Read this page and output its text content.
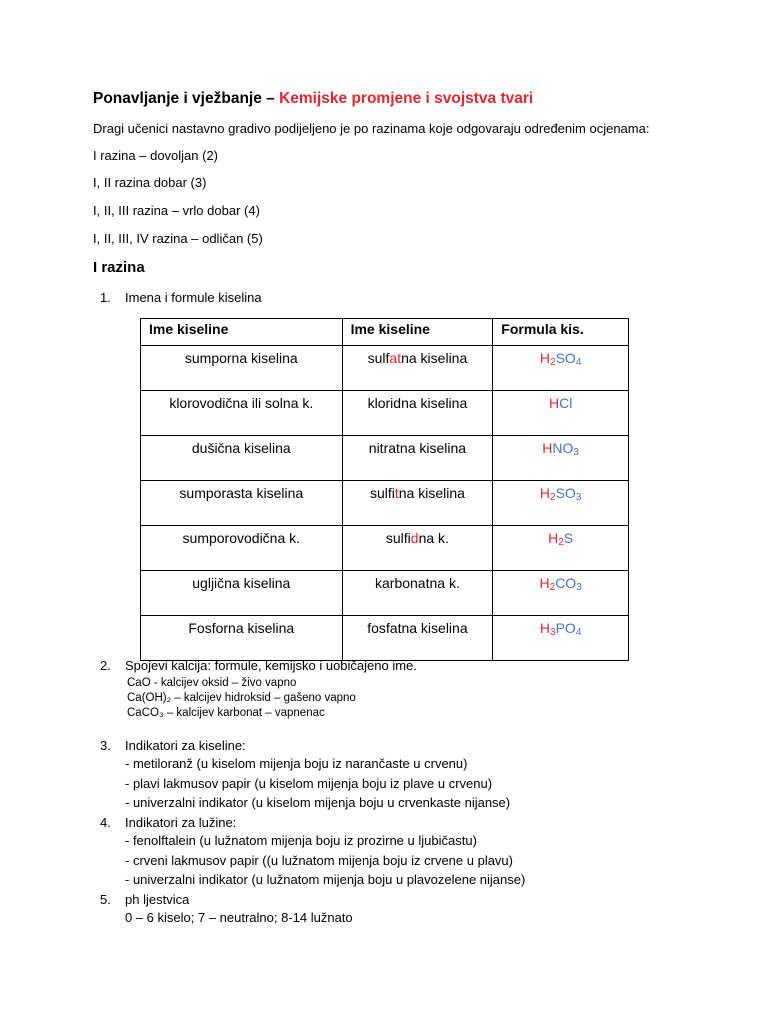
Ponavljanje i vježbanje – Kemijske promjene i svojstva tvari
Dragi učenici nastavno gradivo podijeljeno je po razinama koje odgovaraju određenim ocjenama:
I razina – dovoljan (2)
I, II razina dobar (3)
I, II, III razina – vrlo dobar (4)
I, II, III, IV razina – odličan (5)
I razina
1. Imena i formule kiselina
Ime kiseline	Ime kiseline	Formula kis.
sumporna kiselina	sulfatna kiselina	$H_2SO_4$
klorovodična ili solna k.	kloridna kiselina	HCl
dušična kiselina	nitratna kiselina	$HNO_3$
sumporasta kiselina	sulfitna kiselina	$H_2SO_3$
sumporovodična k.	sulfidna k.	$H_2S$
ugljična kiselina	karbonatna k.	$H_2CO_3$
Fosforna kiselina	fosfatna kiselina	$H_3PO_4$
2. Spojevi kalcija: formule, kemijsko i uobičajeno ime.
CaO - kalcijev oksid – živo vapno
Ca(OH)₂ – kalcijev hidroksid – gašeno vapno
CaCO₃ – kalcijev karbonat – vapnenac
3. Indikatori za kiseline:
- metiloranž (u kiselom mijenja boju iz narančaste u crvenu)
- plavi lakmusov papir (u kiselom mijenja boju iz plave u crvenu)
- univerzalni indikator (u kiselom mijenja boju u crvenkaste nijanse)
4. Indikatori za lužine:
- fenolftalein (u lužnatom mijenja boju iz prozirne u ljubičastu)
- crveni lakmusov papir ((u lužnatom mijenja boju iz crvene u plavu)
- univerzalni indikator (u lužnatom mijenja boju u plavozelene nijanse)
5. ph ljestvica
0 – 6 kiselo; 7 – neutralno; 8-14 lužnato
